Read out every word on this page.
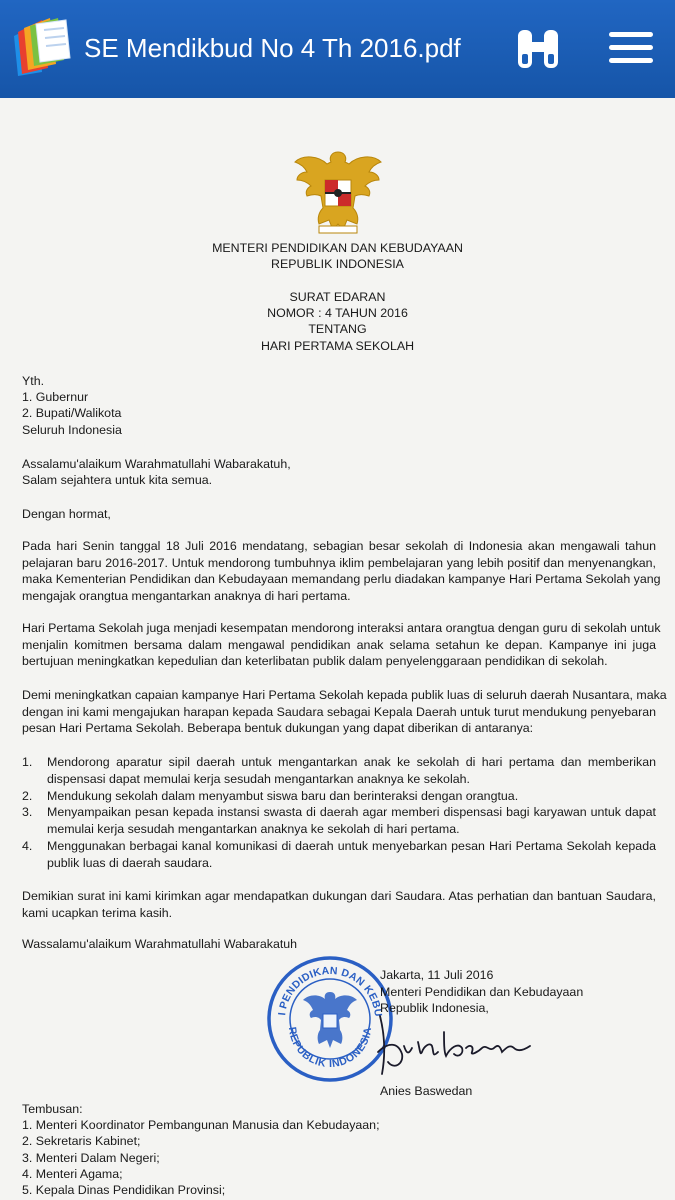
SE Mendikbud No 4 Th 2016.pdf
MENTERI PENDIDIKAN DAN KEBUDAYAAN
REPUBLIK INDONESIA
SURAT EDARAN
NOMOR : 4 TAHUN 2016
TENTANG
HARI PERTAMA SEKOLAH
Yth.
1. Gubernur
2. Bupati/Walikota
Seluruh Indonesia
Assalamu'alaikum Warahmatullahi Wabarakatuh,
Salam sejahtera untuk kita semua.
Dengan hormat,
Pada hari Senin tanggal 18 Juli 2016 mendatang, sebagian besar sekolah di Indonesia akan mengawali tahun
pelajaran baru 2016-2017. Untuk mendorong tumbuhnya iklim pembelajaran yang lebih positif dan menyenangkan,
maka Kementerian Pendidikan dan Kebudayaan memandang perlu diadakan kampanye Hari Pertama Sekolah yang
mengajak orangtua mengantarkan anaknya di hari pertama.
Hari Pertama Sekolah juga menjadi kesempatan mendorong interaksi antara orangtua dengan guru di sekolah untuk
menjalin komitmen bersama dalam mengawal pendidikan anak selama setahun ke depan. Kampanye ini juga
bertujuan meningkatkan kepedulian dan keterlibatan publik dalam penyelenggaraan pendidikan di sekolah.
Demi meningkatkan capaian kampanye Hari Pertama Sekolah kepada publik luas di seluruh daerah Nusantara, maka
dengan ini kami mengajukan harapan kepada Saudara sebagai Kepala Daerah untuk turut mendukung penyebaran
pesan Hari Pertama Sekolah. Beberapa bentuk dukungan yang dapat diberikan di antaranya:
1. Mendorong aparatur sipil daerah untuk mengantarkan anak ke sekolah di hari pertama dan memberikan
dispensasi dapat memulai kerja sesudah mengantarkan anaknya ke sekolah.
2. Mendukung sekolah dalam menyambut siswa baru dan berinteraksi dengan orangtua.
3. Menyampaikan pesan kepada instansi swasta di daerah agar memberi dispensasi bagi karyawan untuk dapat
memulai kerja sesudah mengantarkan anaknya ke sekolah di hari pertama.
4. Menggunakan berbagai kanal komunikasi di daerah untuk menyebarkan pesan Hari Pertama Sekolah kepada
publik luas di daerah saudara.
Demikian surat ini kami kirimkan agar mendapatkan dukungan dari Saudara. Atas perhatian dan bantuan Saudara,
kami ucapkan terima kasih.
Wassalamu'alaikum Warahmatullahi Wabarakatuh
I PENDIDIKAN DAN KEBU
REPUBLIK INDONESIA
Jakarta, 11 Juli 2016
Menteri Pendidikan dan Kebudayaan
Republik Indonesia,
Anies Baswedan
Tembusan:
1. Menteri Koordinator Pembangunan Manusia dan Kebudayaan;
2. Sekretaris Kabinet;
3. Menteri Dalam Negeri;
4. Menteri Agama;
5. Kepala Dinas Pendidikan Provinsi;
